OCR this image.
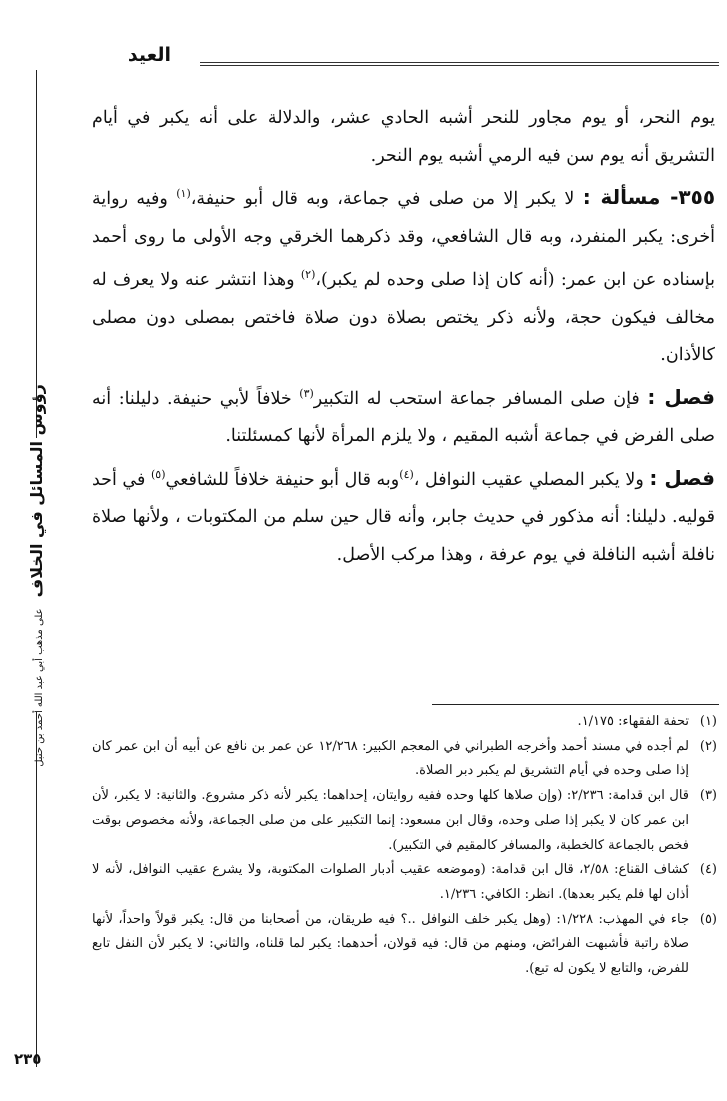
العيد
رؤوس المسائل في الخلاف على مذهب أبي عبد الله أحمد بن حنبل

يوم النحر، أو يوم مجاور للنحر أشبه الحادي عشر، والدلالة على أنه يكبر في أيام التشريق أنه يوم سن فيه الرمي أشبه يوم النحر.

٣٥٥- مسألة : لا يكبر إلا من صلى في جماعة، وبه قال أبو حنيفة،$^{(١)}$ وفيه رواية أخرى: يكبر المنفرد، وبه قال الشافعي، وقد ذكرهما الخرقي وجه الأولى ما روى أحمد بإسناده عن ابن عمر: (أنه كان إذا صلى وحده لم يكبر)،$^{(٢)}$ وهذا انتشر عنه ولا يعرف له مخالف فيكون حجة، ولأنه ذكر يختص بصلاة دون صلاة فاختص بمصلى دون مصلى كالأذان.

فصل : فإن صلى المسافر جماعة استحب له التكبير$^{(٣)}$ خلافاً لأبي حنيفة. دليلنا: أنه صلى الفرض في جماعة أشبه المقيم ، ولا يلزم المرأة لأنها كمسئلتنا.

فصل : ولا يكبر المصلي عقيب النوافل ،$^{(٤)}$وبه قال أبو حنيفة خلافاً للشافعي$^{(٥)}$ في أحد قوليه. دليلنا: أنه مذكور في حديث جابر، وأنه قال حين سلم من المكتوبات ، ولأنها صلاة نافلة أشبه النافلة في يوم عرفة ، وهذا مركب الأصل.

(١)
تحفة الفقهاء: ١/١٧٥.
(٢)
لم أجده في مسند أحمد وأخرجه الطبراني في المعجم الكبير: ١٢/٢٦٨ عن عمر بن نافع عن أبيه أن ابن عمر كان إذا صلى وحده في أيام التشريق لم يكبر دبر الصلاة.
(٣)
قال ابن قدامة: ٢/٢٣٦: (وإن صلاها كلها وحده ففيه روايتان، إحداهما: يكبر لأنه ذكر مشروع. والثانية: لا يكبر، لأن ابن عمر كان لا يكبر إذا صلى وحده، وقال ابن مسعود: إنما التكبير على من صلى الجماعة، ولأنه مخصوص بوقت فخص بالجماعة كالخطبة، والمسافر كالمقيم في التكبير).
(٤)
كشاف القناع: ٢/٥٨، قال ابن قدامة: (وموضعه عقيب أدبار الصلوات المكتوبة، ولا يشرع عقيب النوافل، لأنه لا أذان لها فلم يكبر بعدها). انظر: الكافي: ١/٢٣٦.
(٥)
جاء في المهذب: ١/٢٢٨: (وهل يكبر خلف النوافل ..؟ فيه طريقان، من أصحابنا من قال: يكبر قولاً واحداً، لأنها صلاة راتبة فأشبهت الفرائض، ومنهم من قال: فيه قولان، أحدهما: يكبر لما قلناه، والثاني: لا يكبر لأن النفل تابع للفرض، والتابع لا يكون له تبع).
٢٣٥
